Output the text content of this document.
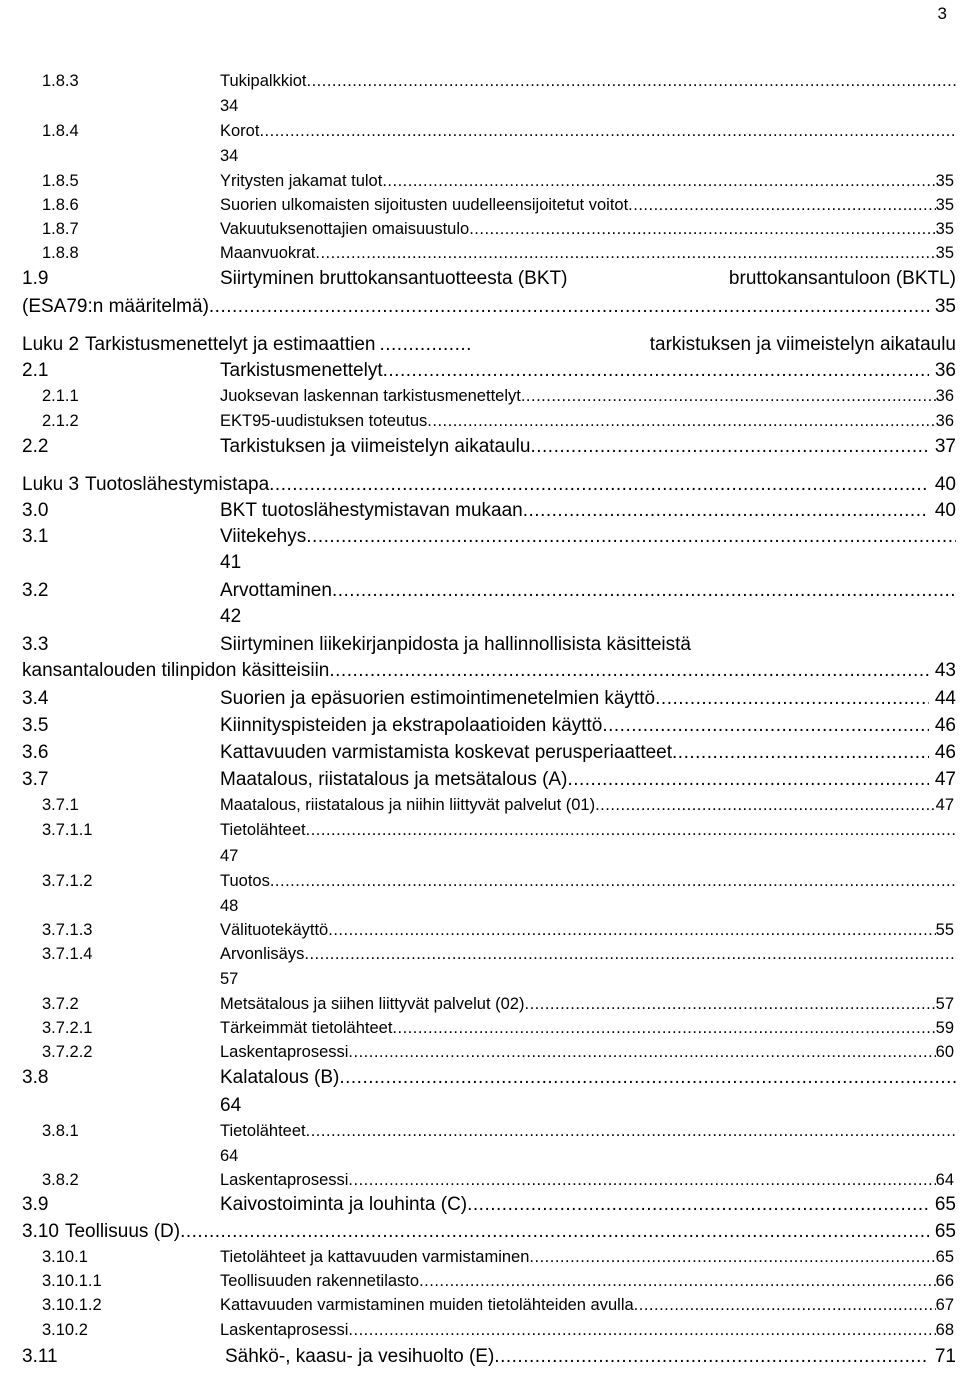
3
1.8.3	Tukipalkkiot
.....
34
1.8.4	Korot
.....
34
1.8.5	Yritysten jakamat tulot .....	35
1.8.6	Suorien ulkomaisten sijoitusten uudelleensijoitetut voitot .....	35
1.8.7	Vakuutuksenottajien omaisuustulo .....	35
1.8.8	Maanvuokrat .....	35
1.9	Siirtyminen bruttokansantuotteesta (BKT)	bruttokansantuloon (BKTL)
(ESA79:n määritelmä) .....	35
Luku 2 Tarkistusmenettelyt ja estimaattien .....	tarkistuksen ja viimeistelyn aikataulu
2.1	Tarkistusmenettelyt .....	36
2.1.1	Juoksevan laskennan tarkistusmenettelyt .....	36
2.1.2	EKT95-uudistuksen toteutus .....	36
2.2	Tarkistuksen ja viimeistelyn aikataulu .....	37
Luku 3 Tuotoslähestymistapa .....	40
3.0	BKT tuotoslähestymistavan mukaan .....	40
3.1	Viitekehys
.....
41
3.2	Arvottaminen
.....
42
3.3	Siirtyminen liikekirjanpidosta ja hallinnollisista käsitteistä
kansantalouden tilinpidon käsitteisiin .....	43
3.4	Suorien ja epäsuorien estimointimenetelmien käyttö .....	44
3.5	Kiinnityspisteiden ja ekstrapolaatioiden käyttö .....	46
3.6	Kattavuuden varmistamista koskevat perusperiaatteet .....	46
3.7	Maatalous, riistatalous ja metsätalous (A) .....	47
3.7.1	Maatalous, riistatalous ja niihin liittyvät palvelut (01) .....	47
3.7.1.1	Tietolähteet
.....
47
3.7.1.2	Tuotos
.....
48
3.7.1.3	Välituotekäyttö .....	55
3.7.1.4	Arvonlisäys
.....
57
3.7.2	Metsätalous ja siihen liittyvät palvelut (02) .....	57
3.7.2.1	Tärkeimmät tietolähteet .....	59
3.7.2.2	Laskentaprosessi .....	60
3.8	Kalatalous (B)
.....
64
3.8.1	Tietolähteet
.....
64
3.8.2	Laskentaprosessi .....	64
3.9	Kaivostoiminta ja louhinta (C) .....	65
3.10 Teollisuus (D) .....	65
3.10.1	Tietolähteet ja kattavuuden varmistaminen .....	65
3.10.1.1	Teollisuuden rakennetilasto .....	66
3.10.1.2	Kattavuuden varmistaminen muiden tietolähteiden avulla .....	67
3.10.2	Laskentaprosessi .....	68
3.11	Sähkö-, kaasu- ja vesihuolto (E) .....	71
